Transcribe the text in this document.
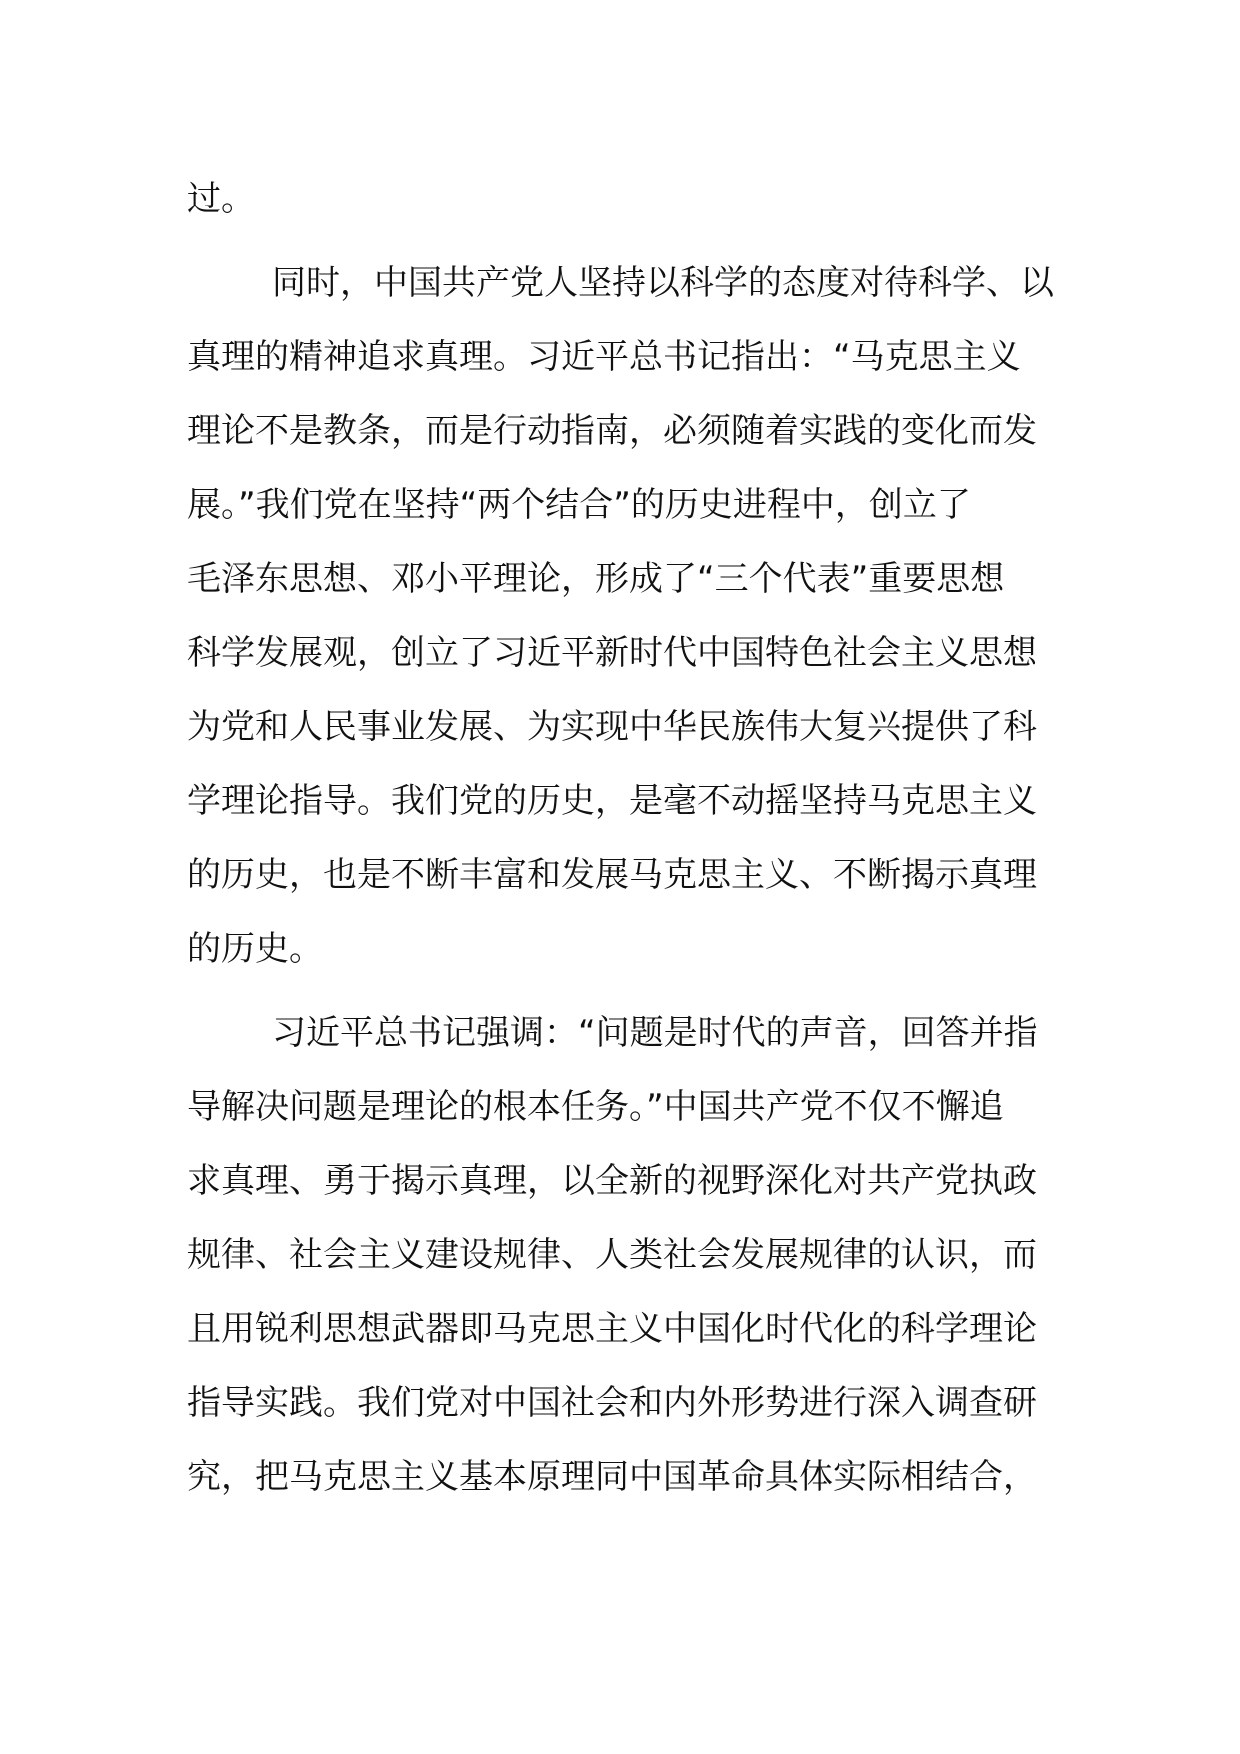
过。
同时，中国共产党人坚持以科学的态度对待科学、以
真理的精神追求真理。习近平总书记指出：“马克思主义
理论不是教条，而是行动指南，必须随着实践的变化而发
展。”我们党在坚持“两个结合”的历史进程中，创立了
毛泽东思想、邓小平理论，形成了“三个代表”重要思想
科学发展观，创立了习近平新时代中国特色社会主义思想
为党和人民事业发展、为实现中华民族伟大复兴提供了科
学理论指导。我们党的历史，是毫不动摇坚持马克思主义
的历史，也是不断丰富和发展马克思主义、不断揭示真理
的历史。
习近平总书记强调：“问题是时代的声音，回答并指
导解决问题是理论的根本任务。”中国共产党不仅不懈追
求真理、勇于揭示真理，以全新的视野深化对共产党执政
规律、社会主义建设规律、人类社会发展规律的认识，而
且用锐利思想武器即马克思主义中国化时代化的科学理论
指导实践。我们党对中国社会和内外形势进行深入调查研
究，把马克思主义基本原理同中国革命具体实际相结合，
